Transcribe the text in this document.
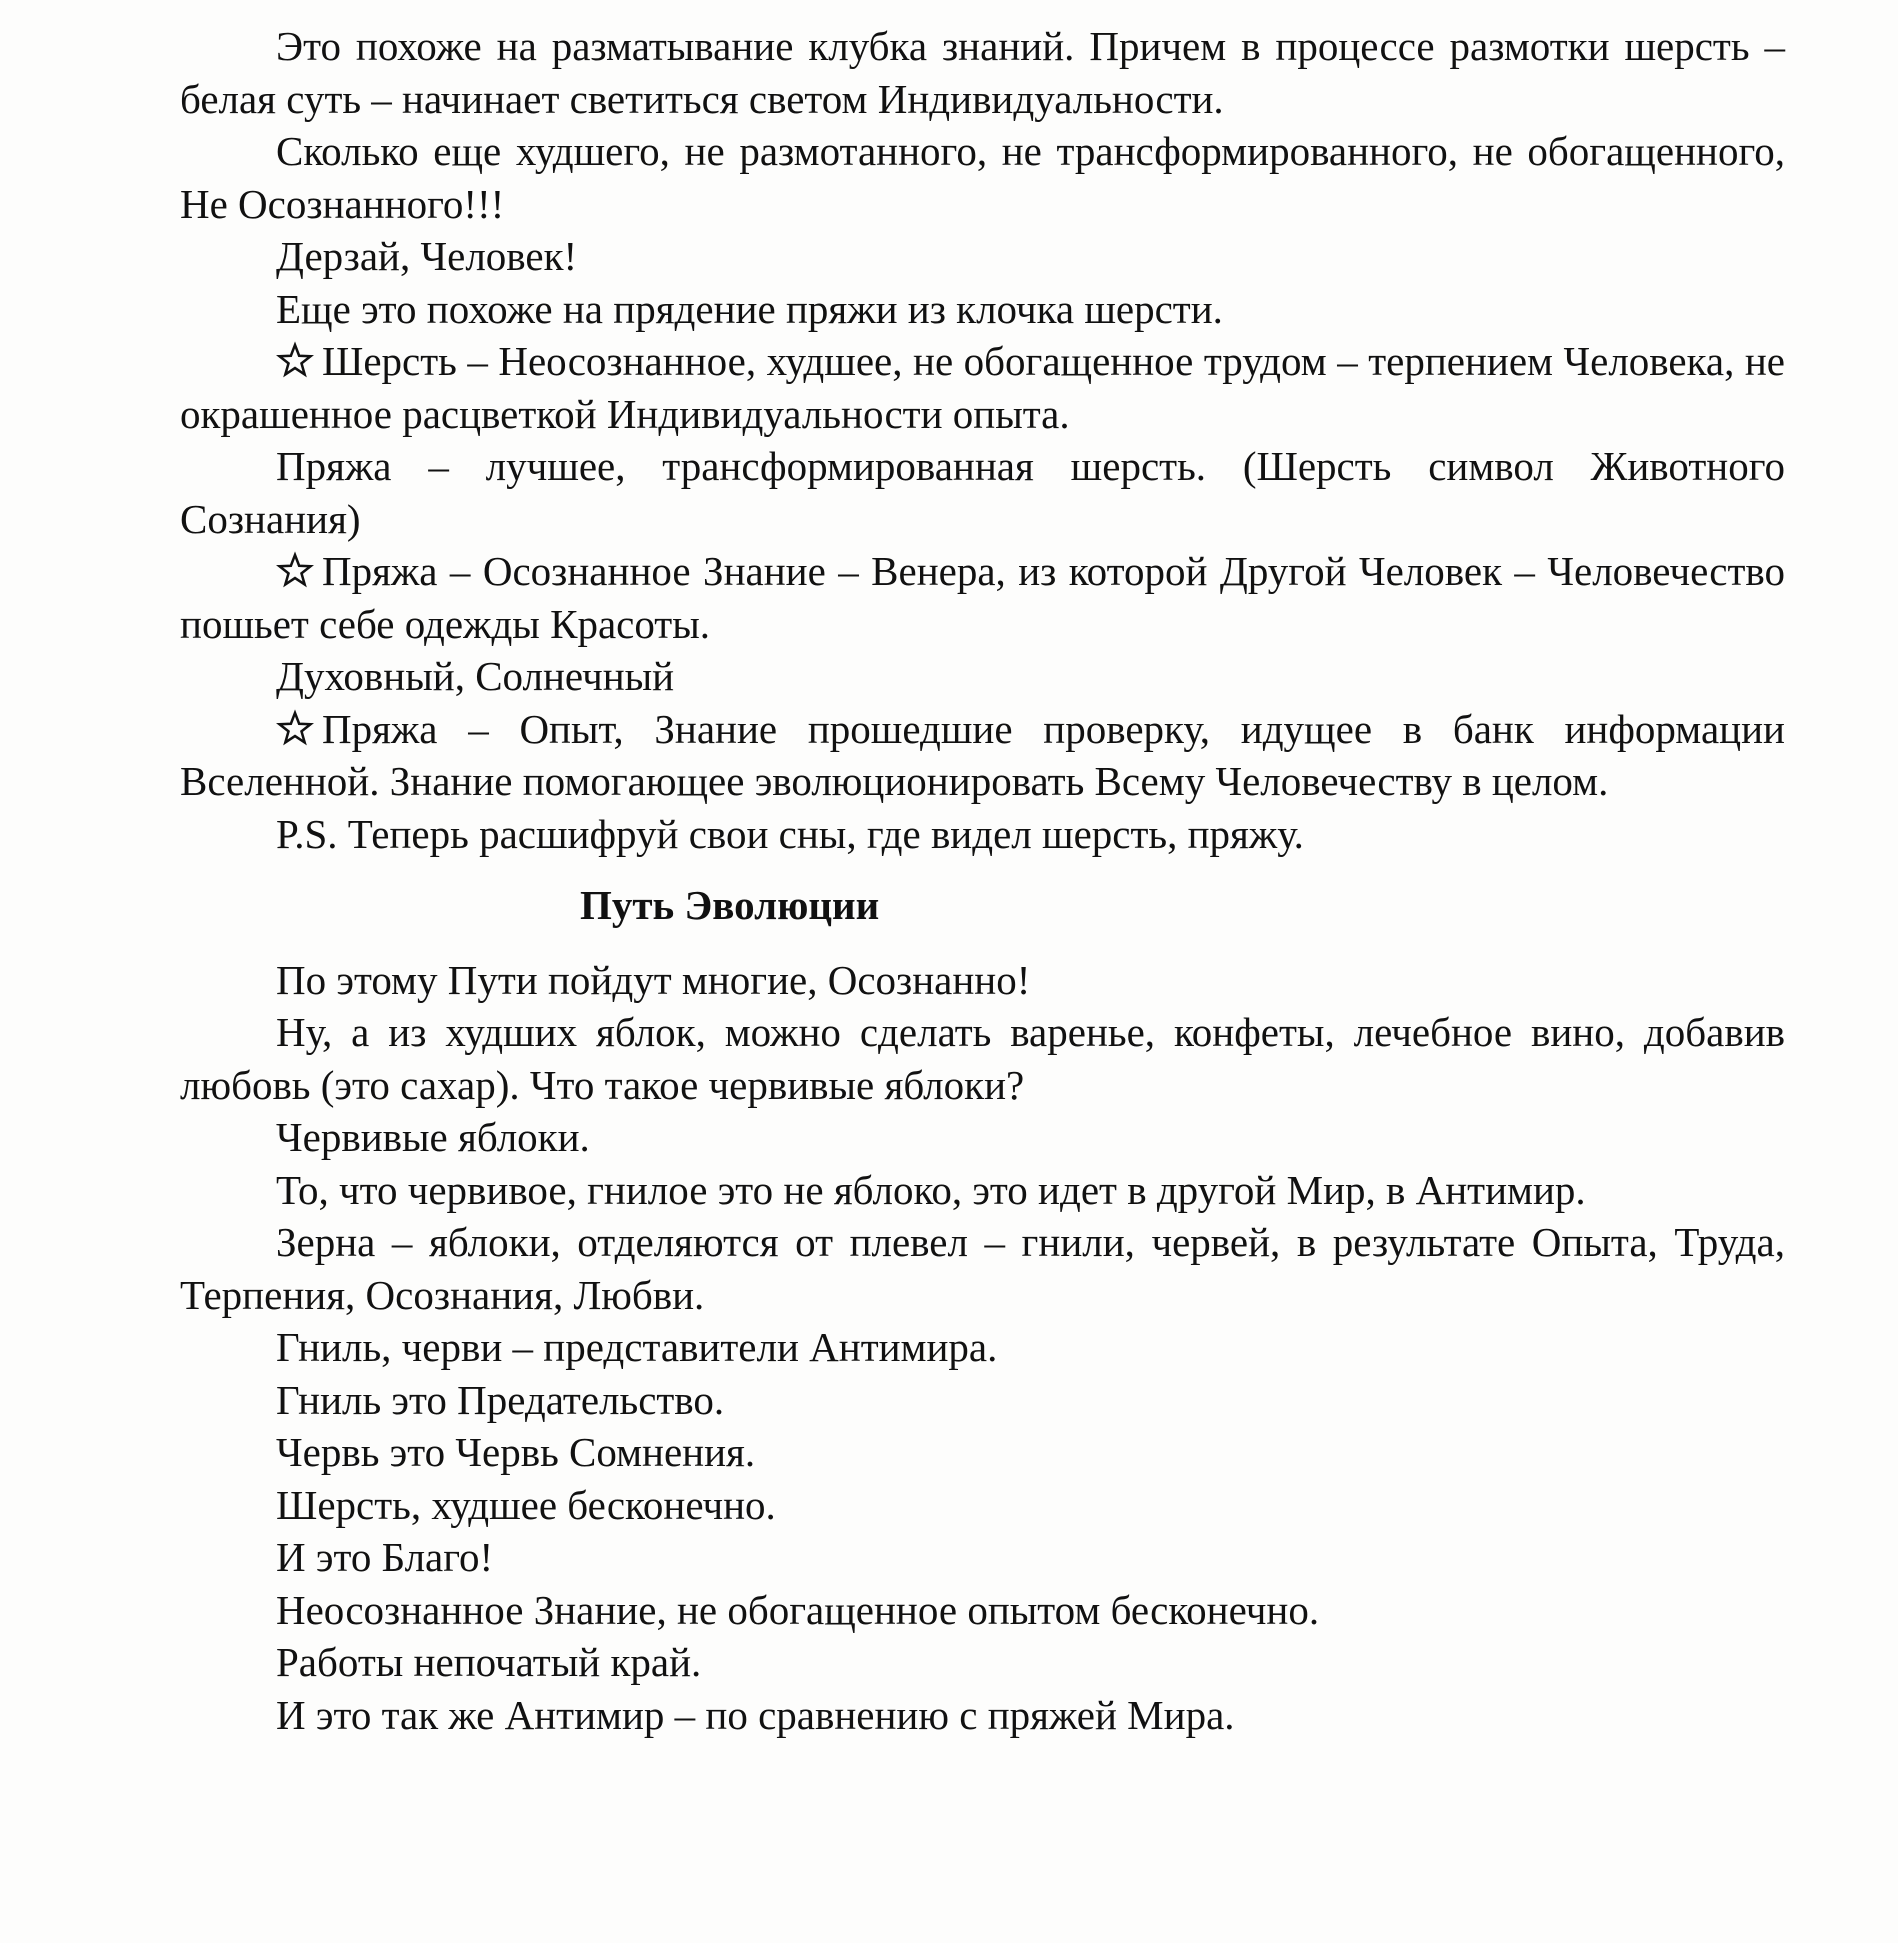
Это похоже на разматывание клубка знаний. Причем в процессе размотки шерсть – белая суть – начинает светиться светом Индивидуальности.

Сколько еще худшего, не размотанного, не трансформированного, не обогащенного, Не Осознанного!!!

Дерзай, Человек!

Еще это похоже на прядение пряжи из клочка шерсти.

Шерсть – Неосознанное, худшее, не обогащенное трудом – терпением Человека, не окрашенное расцветкой Индивидуальности опыта.

Пряжа – лучшее, трансформированная шерсть. (Шерсть символ Животного Сознания)

Пряжа – Осознанное Знание – Венера, из которой Другой Человек – Человечество пошьет себе одежды Красоты.

Духовный, Солнечный

Пряжа – Опыт, Знание прошедшие проверку, идущее в банк информации Вселенной. Знание помогающее эволюционировать Всему Человечеству в целом.

P.S. Теперь расшифруй свои сны, где видел шерсть, пряжу.

Путь Эволюции

По этому Пути пойдут многие, Осознанно!

Ну, а из худших яблок, можно сделать варенье, конфеты, лечебное вино, добавив любовь (это сахар). Что такое червивые яблоки?

Червивые яблоки.

То, что червивое, гнилое это не яблоко, это идет в другой Мир, в Антимир.

Зерна – яблоки, отделяются от плевел – гнили, червей, в результате Опыта, Труда, Терпения, Осознания, Любви.

Гниль, черви – представители Антимира.

Гниль это Предательство.

Червь это Червь Сомнения.

Шерсть, худшее бесконечно.

И это Благо!

Неосознанное Знание, не обогащенное опытом бесконечно.

Работы непочатый край.

И это так же Антимир – по сравнению с пряжей Мира.
